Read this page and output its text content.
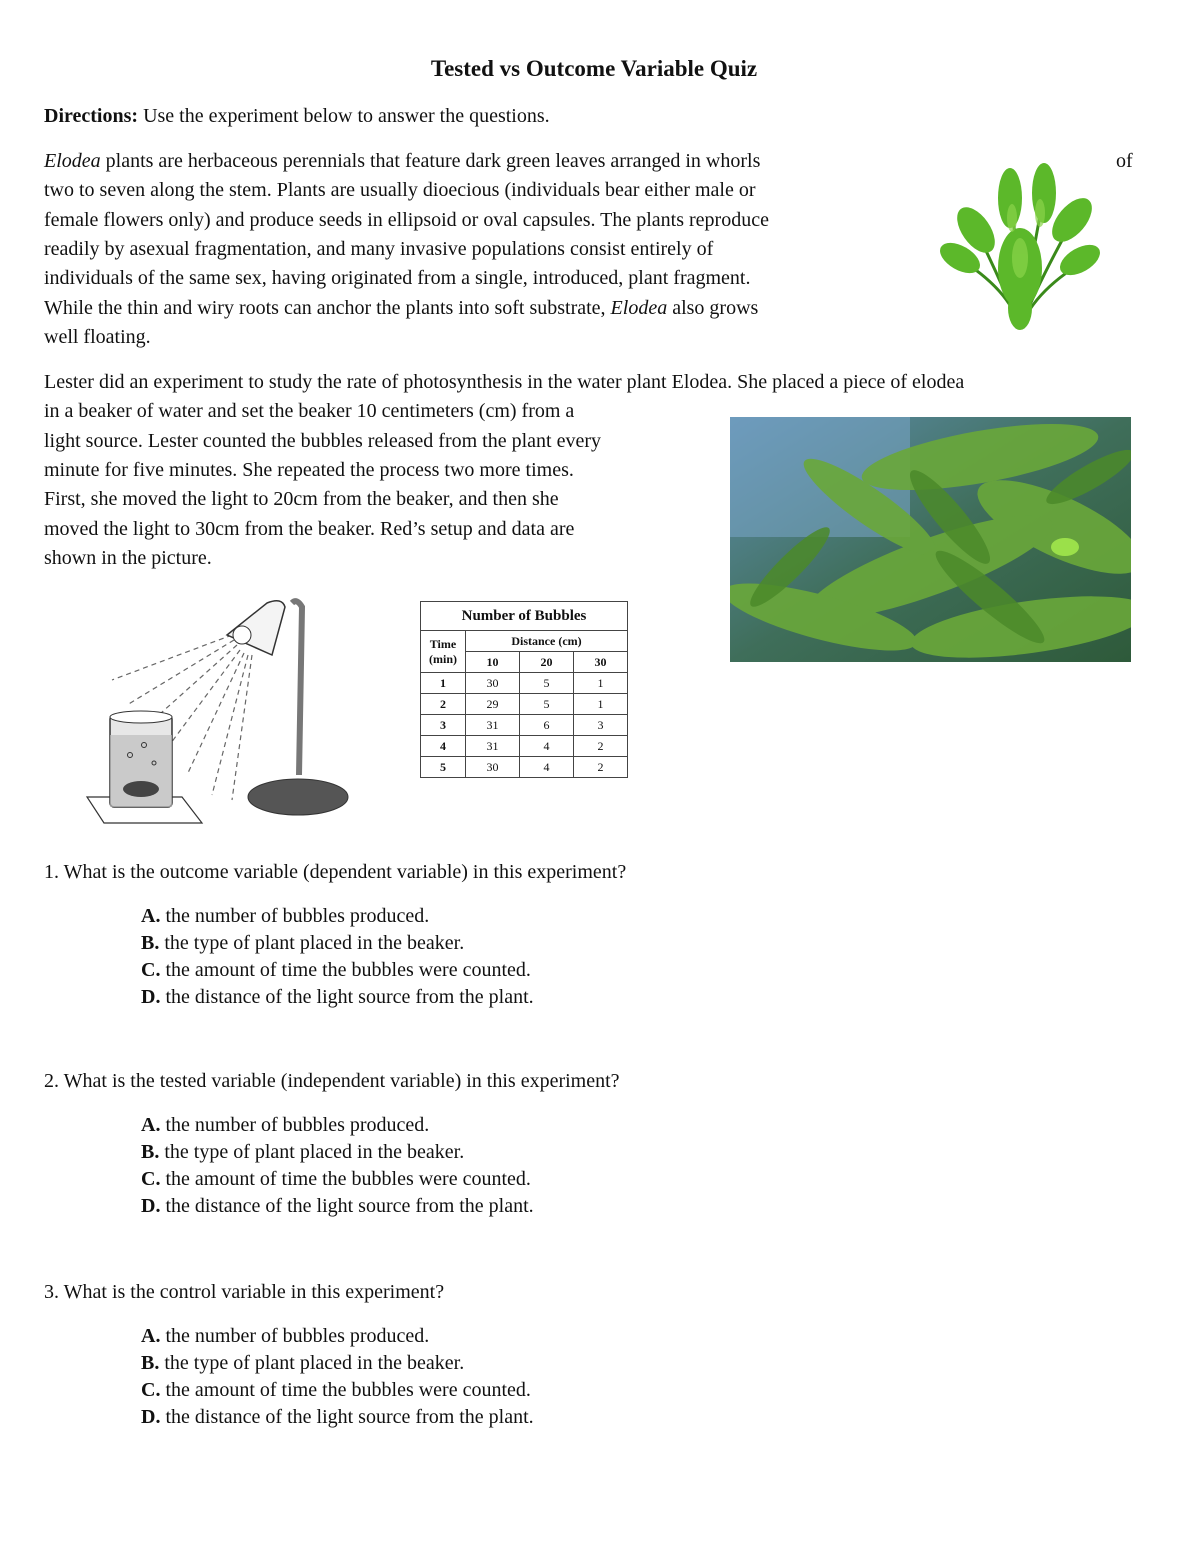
Tested vs Outcome Variable Quiz
Directions: Use the experiment below to answer the questions.
Elodea plants are herbaceous perennials that feature dark green leaves arranged in whorls	of
two to seven along the stem. Plants are usually dioecious (individuals bear either male or
female flowers only) and produce seeds in ellipsoid or oval capsules. The plants reproduce
readily by asexual fragmentation, and many invasive populations consist entirely of
individuals of the same sex, having originated from a single, introduced, plant fragment.
While the thin and wiry roots can anchor the plants into soft substrate, Elodea also grows
well floating.
Lester did an experiment to study the rate of photosynthesis in the water plant Elodea. She placed a piece of elodea
in a beaker of water and set the beaker 10 centimeters (cm) from a
light source. Lester counted the bubbles released from the plant every
minute for five minutes. She repeated the process two more times.
First, she moved the light to 20cm from the beaker, and then she
moved the light to 30cm from the beaker. Red’s setup and data are
shown in the picture.
Number of Bubbles			
Time
(min)	Distance (cm)		
	10	20	30
1	30	5	1
2	29	5	1
3	31	6	3
4	31	4	2
5	30	4	2
1. What is the outcome variable (dependent variable) in this experiment?
A. the number of bubbles produced.
B. the type of plant placed in the beaker.
C. the amount of time the bubbles were counted.
D. the distance of the light source from the plant.
2. What is the tested variable (independent variable) in this experiment?
A. the number of bubbles produced.
B. the type of plant placed in the beaker.
C. the amount of time the bubbles were counted.
D. the distance of the light source from the plant.
3. What is the control variable in this experiment?
A. the number of bubbles produced.
B. the type of plant placed in the beaker.
C. the amount of time the bubbles were counted.
D. the distance of the light source from the plant.
